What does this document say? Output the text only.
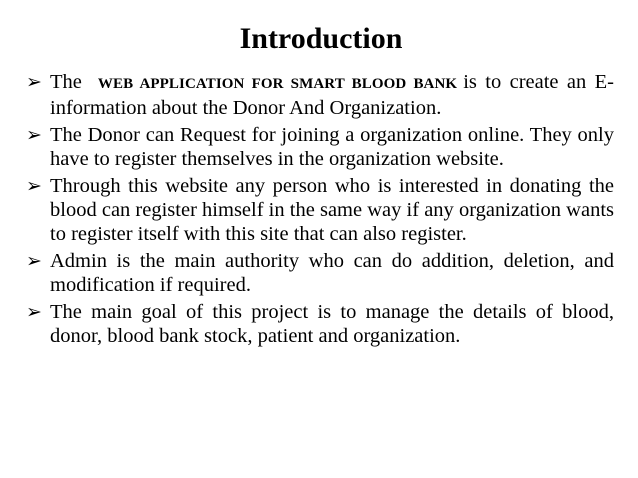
Introduction
➢ The WEB APPLICATION FOR SMART BLOOD BANK is to create an E-information about the Donor And Organization.
➢ The Donor can Request for joining a organization online. They only have to register themselves in the organization website.
➢ Through this website any person who is interested in donating the blood can register himself in the same way if any organization wants to register itself with this site that can also register.
➢ Admin is the main authority who can do addition, deletion, and modification if required.
➢ The main goal of this project is to manage the details of blood, donor, blood bank stock, patient and organization.
